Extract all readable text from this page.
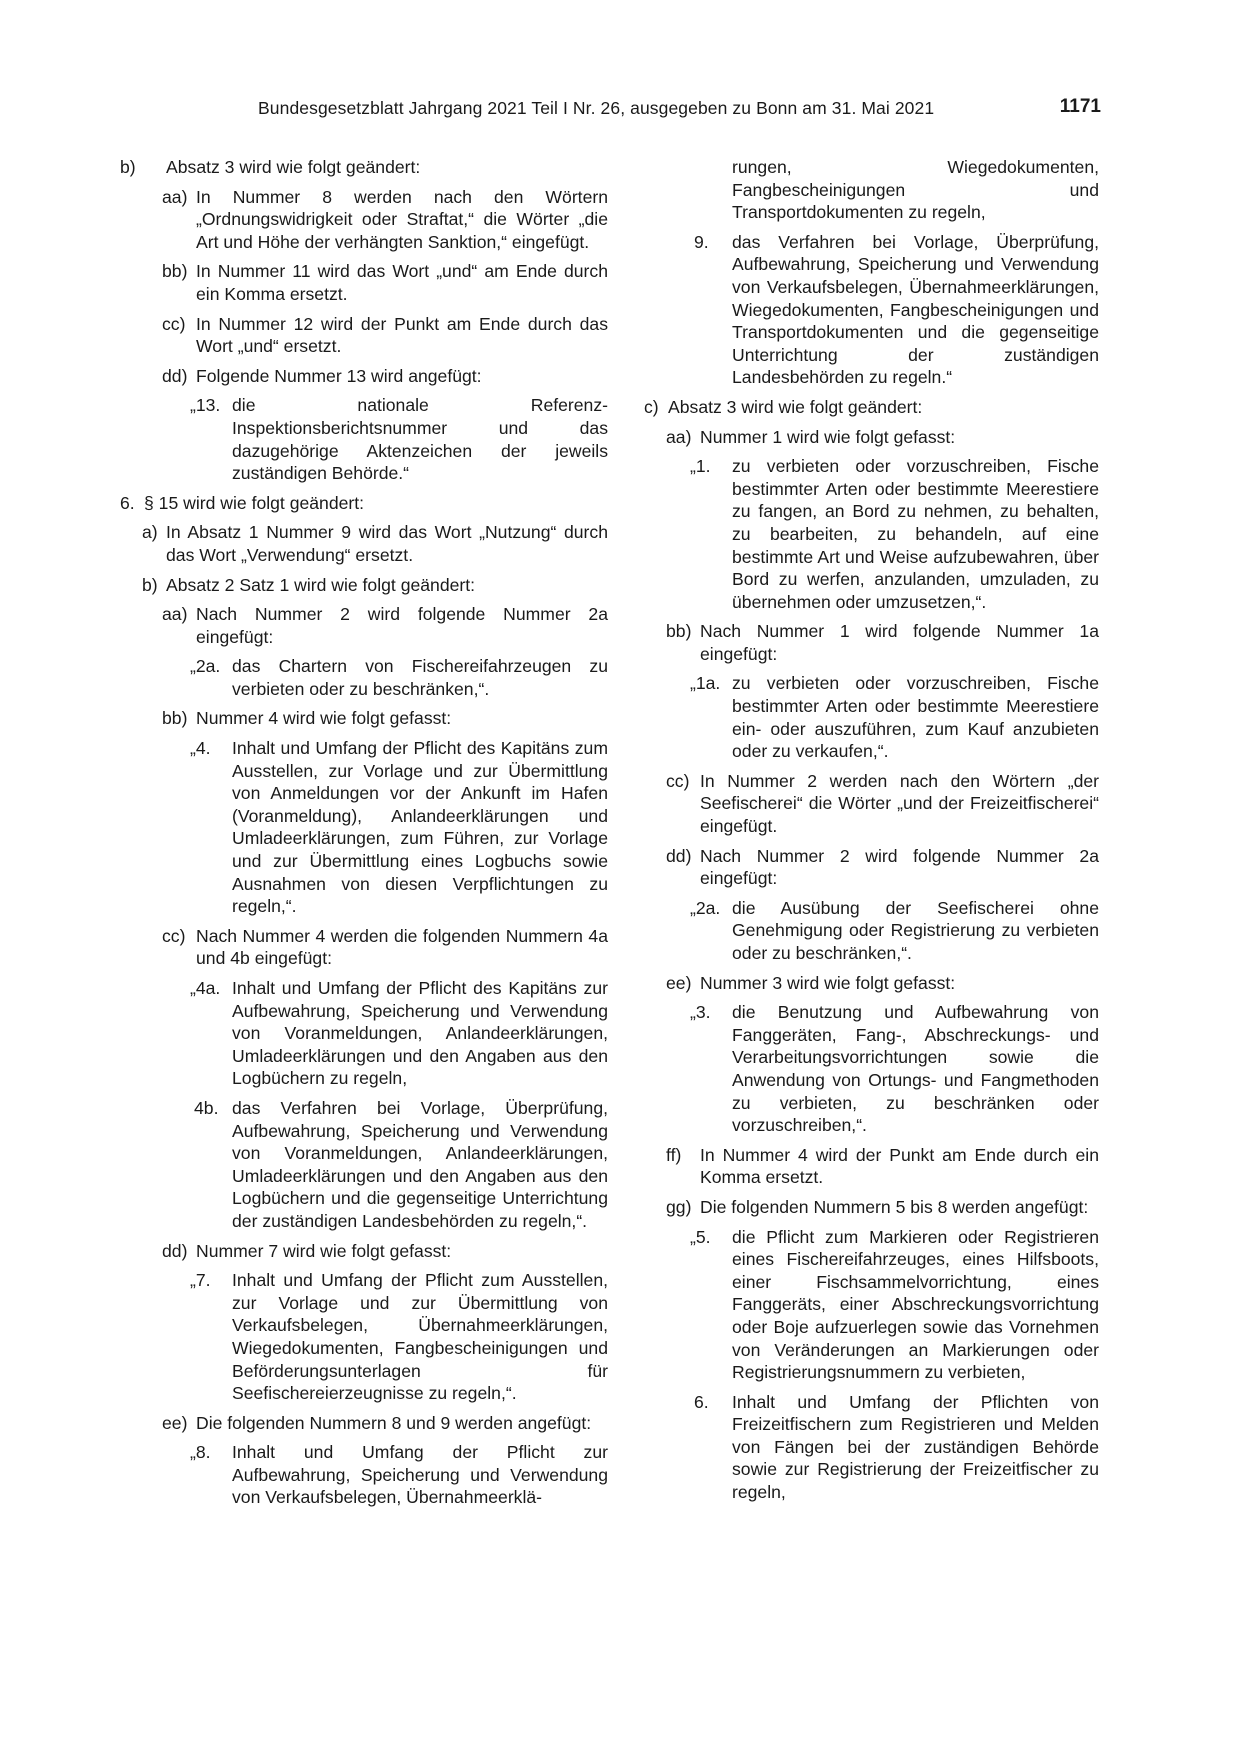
Bundesgesetzblatt Jahrgang 2021 Teil I Nr. 26, ausgegeben zu Bonn am 31. Mai 2021	1171
b) Absatz 3 wird wie folgt geändert:
aa) In Nummer 8 werden nach den Wörtern „Ordnungswidrigkeit oder Straftat,“ die Wörter „die Art und Höhe der verhängten Sanktion,“ eingefügt.
bb) In Nummer 11 wird das Wort „und“ am Ende durch ein Komma ersetzt.
cc) In Nummer 12 wird der Punkt am Ende durch das Wort „und“ ersetzt.
dd) Folgende Nummer 13 wird angefügt:
„13. die nationale Referenz-Inspektionsberichtsnummer und das dazugehörige Aktenzeichen der jeweils zuständigen Behörde.“
6. § 15 wird wie folgt geändert:
a) In Absatz 1 Nummer 9 wird das Wort „Nutzung“ durch das Wort „Verwendung“ ersetzt.
b) Absatz 2 Satz 1 wird wie folgt geändert:
aa) Nach Nummer 2 wird folgende Nummer 2a eingefügt:
„2a. das Chartern von Fischereifahrzeugen zu verbieten oder zu beschränken,“.
bb) Nummer 4 wird wie folgt gefasst:
„4. Inhalt und Umfang der Pflicht des Kapitäns zum Ausstellen, zur Vorlage und zur Übermittlung von Anmeldungen vor der Ankunft im Hafen (Voranmeldung), Anlandeerklärungen und Umladeerklärungen, zum Führen, zur Vorlage und zur Übermittlung eines Logbuchs sowie Ausnahmen von diesen Verpflichtungen zu regeln,“.
cc) Nach Nummer 4 werden die folgenden Nummern 4a und 4b eingefügt:
„4a. Inhalt und Umfang der Pflicht des Kapitäns zur Aufbewahrung, Speicherung und Verwendung von Voranmeldungen, Anlandeerklärungen, Umladeerklärungen und den Angaben aus den Logbüchern zu regeln,
4b. das Verfahren bei Vorlage, Überprüfung, Aufbewahrung, Speicherung und Verwendung von Voranmeldungen, Anlandeerklärungen, Umladeerklärungen und den Angaben aus den Logbüchern und die gegenseitige Unterrichtung der zuständigen Landesbehörden zu regeln,“.
dd) Nummer 7 wird wie folgt gefasst:
„7. Inhalt und Umfang der Pflicht zum Ausstellen, zur Vorlage und zur Übermittlung von Verkaufsbelegen, Übernahmeerklärungen, Wiegedokumenten, Fangbescheinigungen und Beförderungsunterlagen für Seefischereierzeugnisse zu regeln,“.
ee) Die folgenden Nummern 8 und 9 werden angefügt:
„8. Inhalt und Umfang der Pflicht zur Aufbewahrung, Speicherung und Verwendung von Verkaufsbelegen, Übernahmeerklä-
rungen, Wiegedokumenten, Fangbescheinigungen und Transportdokumenten zu regeln,
9. das Verfahren bei Vorlage, Überprüfung, Aufbewahrung, Speicherung und Verwendung von Verkaufsbelegen, Übernahmeerklärungen, Wiegedokumenten, Fangbescheinigungen und Transportdokumenten und die gegenseitige Unterrichtung der zuständigen Landesbehörden zu regeln.“
c) Absatz 3 wird wie folgt geändert:
aa) Nummer 1 wird wie folgt gefasst:
„1. zu verbieten oder vorzuschreiben, Fische bestimmter Arten oder bestimmte Meerestiere zu fangen, an Bord zu nehmen, zu behalten, zu bearbeiten, zu behandeln, auf eine bestimmte Art und Weise aufzubewahren, über Bord zu werfen, anzulanden, umzuladen, zu übernehmen oder umzusetzen,“.
bb) Nach Nummer 1 wird folgende Nummer 1a eingefügt:
„1a. zu verbieten oder vorzuschreiben, Fische bestimmter Arten oder bestimmte Meerestiere ein- oder auszuführen, zum Kauf anzubieten oder zu verkaufen,“.
cc) In Nummer 2 werden nach den Wörtern „der Seefischerei“ die Wörter „und der Freizeitfischerei“ eingefügt.
dd) Nach Nummer 2 wird folgende Nummer 2a eingefügt:
„2a. die Ausübung der Seefischerei ohne Genehmigung oder Registrierung zu verbieten oder zu beschränken,“.
ee) Nummer 3 wird wie folgt gefasst:
„3. die Benutzung und Aufbewahrung von Fanggeräten, Fang-, Abschreckungs- und Verarbeitungsvorrichtungen sowie die Anwendung von Ortungs- und Fangmethoden zu verbieten, zu beschränken oder vorzuschreiben,“.
ff) In Nummer 4 wird der Punkt am Ende durch ein Komma ersetzt.
gg) Die folgenden Nummern 5 bis 8 werden angefügt:
„5. die Pflicht zum Markieren oder Registrieren eines Fischereifahrzeuges, eines Hilfsboots, einer Fischsammelvorrichtung, eines Fanggeräts, einer Abschreckungsvorrichtung oder Boje aufzuerlegen sowie das Vornehmen von Veränderungen an Markierungen oder Registrierungsnummern zu verbieten,
6. Inhalt und Umfang der Pflichten von Freizeitfischern zum Registrieren und Melden von Fängen bei der zuständigen Behörde sowie zur Registrierung der Freizeitfischer zu regeln,
